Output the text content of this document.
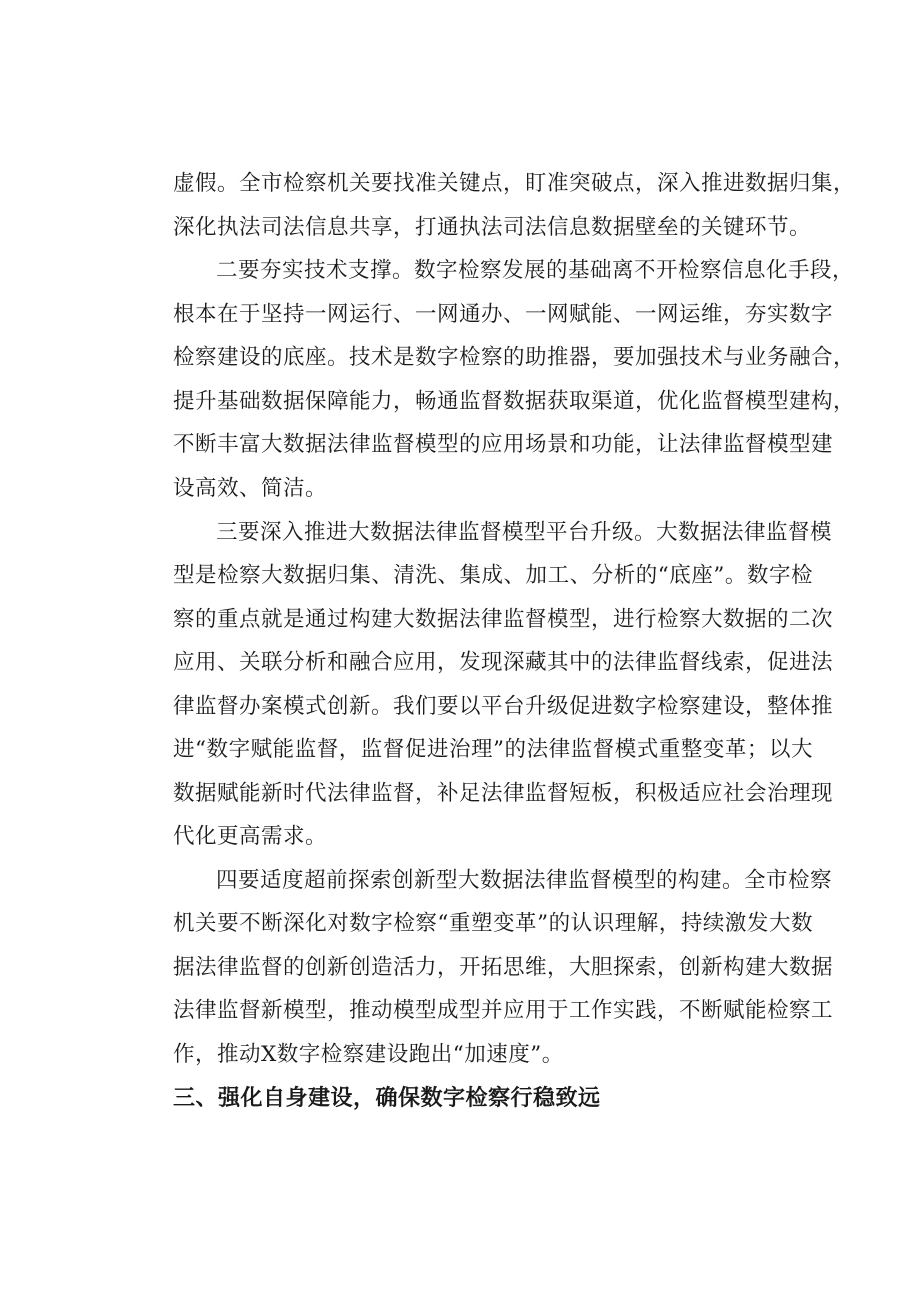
虚假。全市检察机关要找准关键点，盯准突破点，深入推进数据归集，
深化执法司法信息共享，打通执法司法信息数据壁垒的关键环节。
二要夯实技术支撑。数字检察发展的基础离不开检察信息化手段，
根本在于坚持一网运行、一网通办、一网赋能、一网运维，夯实数字
检察建设的底座。技术是数字检察的助推器，要加强技术与业务融合，
提升基础数据保障能力，畅通监督数据获取渠道，优化监督模型建构，
不断丰富大数据法律监督模型的应用场景和功能，让法律监督模型建
设高效、简洁。
三要深入推进大数据法律监督模型平台升级。大数据法律监督模
型是检察大数据归集、清洗、集成、加工、分析的“底座”。数字检
察的重点就是通过构建大数据法律监督模型，进行检察大数据的二次
应用、关联分析和融合应用，发现深藏其中的法律监督线索，促进法
律监督办案模式创新。我们要以平台升级促进数字检察建设，整体推
进“数字赋能监督，监督促进治理”的法律监督模式重整变革；以大
数据赋能新时代法律监督，补足法律监督短板，积极适应社会治理现
代化更高需求。
四要适度超前探索创新型大数据法律监督模型的构建。全市检察
机关要不断深化对数字检察“重塑变革”的认识理解，持续激发大数
据法律监督的创新创造活力，开拓思维，大胆探索，创新构建大数据
法律监督新模型，推动模型成型并应用于工作实践，不断赋能检察工
作，推动X数字检察建设跑出“加速度”。
三、强化自身建设，确保数字检察行稳致远
